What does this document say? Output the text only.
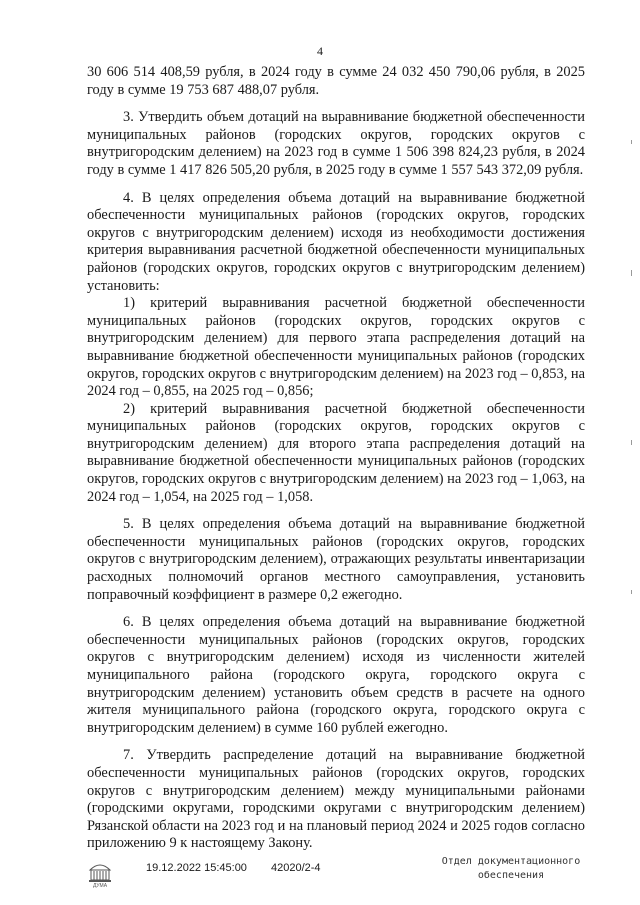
4

30 606 514 408,59 рубля, в 2024 году в сумме 24 032 450 790,06 рубля, в 2025 году в сумме 19 753 687 488,07 рубля.

3. Утвердить объем дотаций на выравнивание бюджетной обеспеченности муниципальных районов (городских округов, городских округов с внутригородским делением) на 2023 год в сумме 1 506 398 824,23 рубля, в 2024 году в сумме 1 417 826 505,20 рубля, в 2025 году в сумме 1 557 543 372,09 рубля.

4. В целях определения объема дотаций на выравнивание бюджетной обеспеченности муниципальных районов (городских округов, городских округов с внутригородским делением) исходя из необходимости достижения критерия выравнивания расчетной бюджетной обеспеченности муниципальных районов (городских округов, городских округов с внутригородским делением) установить:

1) критерий выравнивания расчетной бюджетной обеспеченности муниципальных районов (городских округов, городских округов с внутригородским делением) для первого этапа распределения дотаций на выравнивание бюджетной обеспеченности муниципальных районов (городских округов, городских округов с внутригородским делением) на 2023 год – 0,853, на 2024 год – 0,855, на 2025 год – 0,856;

2) критерий выравнивания расчетной бюджетной обеспеченности муниципальных районов (городских округов, городских округов с внутригородским делением) для второго этапа распределения дотаций на выравнивание бюджетной обеспеченности муниципальных районов (городских округов, городских округов с внутригородским делением) на 2023 год – 1,063, на 2024 год – 1,054, на 2025 год – 1,058.

5. В целях определения объема дотаций на выравнивание бюджетной обеспеченности муниципальных районов (городских округов, городских округов с внутригородским делением), отражающих результаты инвентаризации расходных полномочий органов местного самоуправления, установить поправочный коэффициент в размере 0,2 ежегодно.

6. В целях определения объема дотаций на выравнивание бюджетной обеспеченности муниципальных районов (городских округов, городских округов с внутригородским делением) исходя из численности жителей муниципального района (городского округа, городского округа с внутригородским делением) установить объем средств в расчете на одного жителя муниципального района (городского округа, городского округа с внутригородским делением) в сумме 160 рублей ежегодно.

7. Утвердить распределение дотаций на выравнивание бюджетной обеспеченности муниципальных районов (городских округов, городских округов с внутригородским делением) между муниципальными районами (городскими округами, городскими округами с внутригородским делением) Рязанской области на 2023 год и на плановый период 2024 и 2025 годов согласно приложению 9 к настоящему Закону.

ДУМА
19.12.2022 15:45:00 42020/2-4
Отдел документационного
обеспечения
